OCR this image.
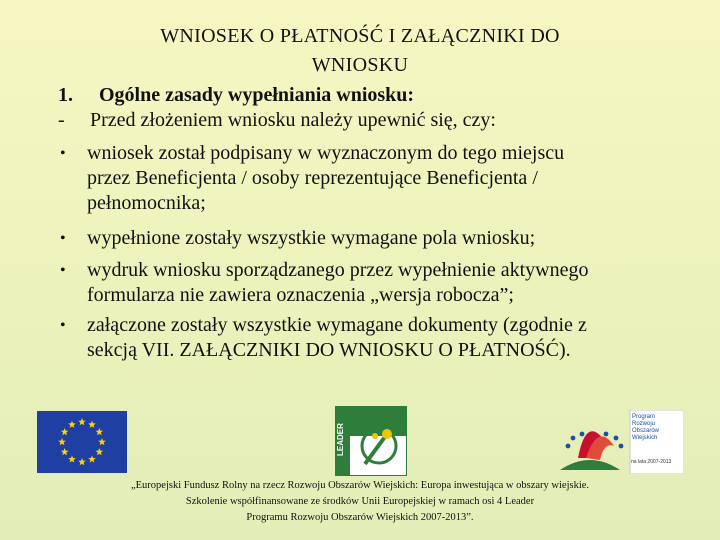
WNIOSEK O PŁATNOŚĆ I ZAŁĄCZNIKI DO
WNIOSKU
1.	Ogólne zasady wypełniania wniosku:
-	Przed złożeniem wniosku należy upewnić się, czy:
• wniosek został podpisany w wyznaczonym do tego miejscu
przez Beneficjenta / osoby reprezentujące Beneficjenta /
pełnomocnika;
• wypełnione zostały wszystkie wymagane pola wniosku;
• wydruk wniosku sporządzanego przez wypełnienie aktywnego
formularza nie zawiera oznaczenia „wersja robocza”;
• załączone zostały wszystkie wymagane dokumenty (zgodnie z
sekcją VII. ZAŁĄCZNIKI DO WNIOSKU O PŁATNOŚĆ).
LEADER
Program
Rozwoju
Obszarów
Wiejskich
na lata 2007-2013
„Europejski Fundusz Rolny na rzecz Rozwoju Obszarów Wiejskich: Europa inwestująca w obszary wiejskie.
Szkolenie współfinansowane ze środków Unii Europejskiej w ramach osi 4 Leader
Programu Rozwoju Obszarów Wiejskich 2007-2013”.
